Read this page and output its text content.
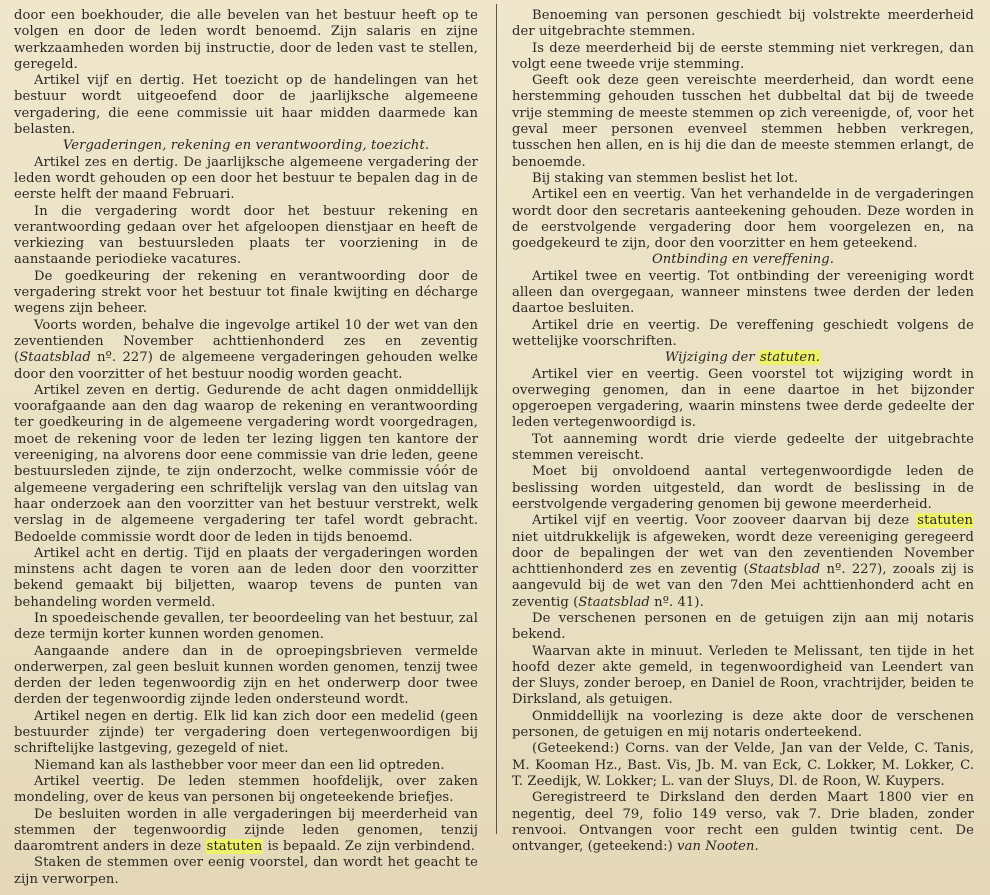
door een boekhouder, die alle bevelen van het bestuur heeft op te volgen en door de leden wordt benoemd. Zijn salaris en zijne werkzaamheden worden bij instructie, door de leden vast te stellen, geregeld.

Artikel vijf en dertig. Het toezicht op de handelingen van het bestuur wordt uitgeoefend door de jaarlijksche algemeene vergadering, die eene commissie uit haar midden daarmede kan belasten.

Vergaderingen, rekening en verantwoording, toezicht.

Artikel zes en dertig. De jaarlijksche algemeene vergadering der leden wordt gehouden op een door het bestuur te bepalen dag in de eerste helft der maand Februari.

In die vergadering wordt door het bestuur rekening en verantwoording gedaan over het afgeloopen dienstjaar en heeft de verkiezing van bestuursleden plaats ter voorziening in de aanstaande periodieke vacatures.

De goedkeuring der rekening en verantwoording door de vergadering strekt voor het bestuur tot finale kwijting en décharge wegens zijn beheer.

Voorts worden, behalve die ingevolge artikel 10 der wet van den zeventienden November achttienhonderd zes en zeventig (Staatsblad nº. 227) de algemeene vergaderingen gehouden welke door den voorzitter of het bestuur noodig worden geacht.

Artikel zeven en dertig. Gedurende de acht dagen onmiddellijk voorafgaande aan den dag waarop de rekening en verantwoording ter goedkeuring in de algemeene vergadering wordt voorgedragen, moet de rekening voor de leden ter lezing liggen ten kantore der vereeniging, na alvorens door eene commissie van drie leden, geene bestuursleden zijnde, te zijn onderzocht, welke commissie vóór de algemeene vergadering een schriftelijk verslag van den uitslag van haar onderzoek aan den voorzitter van het bestuur verstrekt, welk verslag in de algemeene vergadering ter tafel wordt gebracht. Bedoelde commissie wordt door de leden in tijds benoemd.

Artikel acht en dertig. Tijd en plaats der vergaderingen worden minstens acht dagen te voren aan de leden door den voorzitter bekend gemaakt bij biljetten, waarop tevens de punten van behandeling worden vermeld.

In spoedeischende gevallen, ter beoordeeling van het bestuur, zal deze termijn korter kunnen worden genomen.

Aangaande andere dan in de oproepingsbrieven vermelde onderwerpen, zal geen besluit kunnen worden genomen, tenzij twee derden der leden tegenwoordig zijn en het onderwerp door twee derden der tegenwoordig zijnde leden ondersteund wordt.

Artikel negen en dertig. Elk lid kan zich door een medelid (geen bestuurder zijnde) ter vergadering doen vertegenwoordigen bij schriftelijke lastgeving, gezegeld of niet.

Niemand kan als lasthebber voor meer dan een lid optreden.

Artikel veertig. De leden stemmen hoofdelijk, over zaken mondeling, over de keus van personen bij ongeteekende briefjes.

De besluiten worden in alle vergaderingen bij meerderheid van stemmen der tegenwoordig zijnde leden genomen, tenzij daaromtrent anders in deze statuten is bepaald. Ze zijn verbindend.

Staken de stemmen over eenig voorstel, dan wordt het geacht te zijn verworpen.

Benoeming van personen geschiedt bij volstrekte meerderheid der uitgebrachte stemmen.

Is deze meerderheid bij de eerste stemming niet verkregen, dan volgt eene tweede vrije stemming.

Geeft ook deze geen vereischte meerderheid, dan wordt eene herstemming gehouden tusschen het dubbeltal dat bij de tweede vrije stemming de meeste stemmen op zich vereenigde, of, voor het geval meer personen evenveel stemmen hebben verkregen, tusschen hen allen, en is hij die dan de meeste stemmen erlangt, de benoemde.

Bij staking van stemmen beslist het lot.

Artikel een en veertig. Van het verhandelde in de vergaderingen wordt door den secretaris aanteekening gehouden. Deze worden in de eerstvolgende vergadering door hem voorgelezen en, na goedgekeurd te zijn, door den voorzitter en hem geteekend.

Ontbinding en vereffening.

Artikel twee en veertig. Tot ontbinding der vereeniging wordt alleen dan overgegaan, wanneer minstens twee derden der leden daartoe besluiten.

Artikel drie en veertig. De vereffening geschiedt volgens de wettelijke voorschriften.

Wijziging der statuten.

Artikel vier en veertig. Geen voorstel tot wijziging wordt in overweging genomen, dan in eene daartoe in het bijzonder opgeroepen vergadering, waarin minstens twee derde gedeelte der leden vertegenwoordigd is.

Tot aanneming wordt drie vierde gedeelte der uitgebrachte stemmen vereischt.

Moet bij onvoldoend aantal vertegenwoordigde leden de beslissing worden uitgesteld, dan wordt de beslissing in de eerstvolgende vergadering genomen bij gewone meerderheid.

Artikel vijf en veertig. Voor zooveer daarvan bij deze statuten niet uitdrukkelijk is afgeweken, wordt deze vereeniging geregeerd door de bepalingen der wet van den zeventienden November achttienhonderd zes en zeventig (Staatsblad nº. 227), zooals zij is aangevuld bij de wet van den 7den Mei achttienhonderd acht en zeventig (Staatsblad nº. 41).

De verschenen personen en de getuigen zijn aan mij notaris bekend.

Waarvan akte in minuut. Verleden te Melissant, ten tijde in het hoofd dezer akte gemeld, in tegenwoordigheid van Leendert van der Sluys, zonder beroep, en Daniel de Roon, vrachtrijder, beiden te Dirksland, als getuigen.

Onmiddellijk na voorlezing is deze akte door de verschenen personen, de getuigen en mij notaris onderteekend.

(Geteekend:) Corns. van der Velde, Jan van der Velde, C. Tanis, M. Kooman Hz., Bast. Vis, Jb. M. van Eck, C. Lokker, M. Lokker, C. T. Zeedijk, W. Lokker; L. van der Sluys, Dl. de Roon, W. Kuypers.

Geregistreerd te Dirksland den derden Maart 1800 vier en negentig, deel 79, folio 149 verso, vak 7. Drie bladen, zonder renvooi. Ontvangen voor recht een gulden twintig cent. De ontvanger, (geteekend:) van Nooten.
